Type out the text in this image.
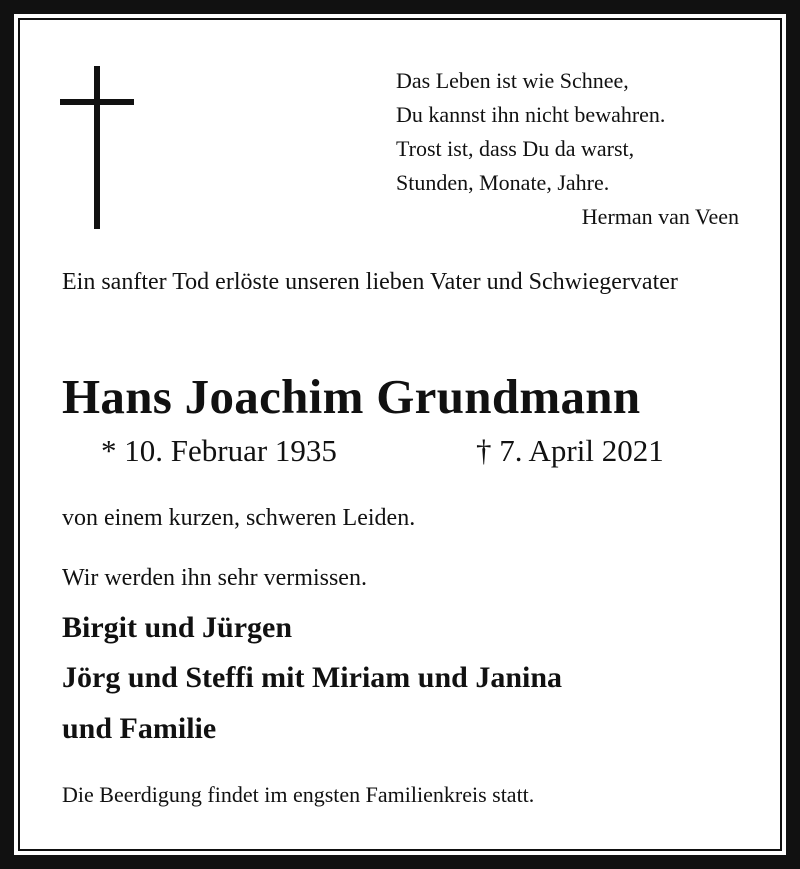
Das Leben ist wie Schnee,
Du kannst ihn nicht bewahren.
Trost ist, dass Du da warst,
Stunden, Monate, Jahre.
Herman van Veen
Ein sanfter Tod erlöste unseren lieben Vater und Schwiegervater
Hans Joachim Grundmann
* 10. Februar 1935	† 7. April 2021
von einem kurzen, schweren Leiden.
Wir werden ihn sehr vermissen.
Birgit und Jürgen
Jörg und Steffi mit Miriam und Janina
und Familie
Die Beerdigung findet im engsten Familienkreis statt.
